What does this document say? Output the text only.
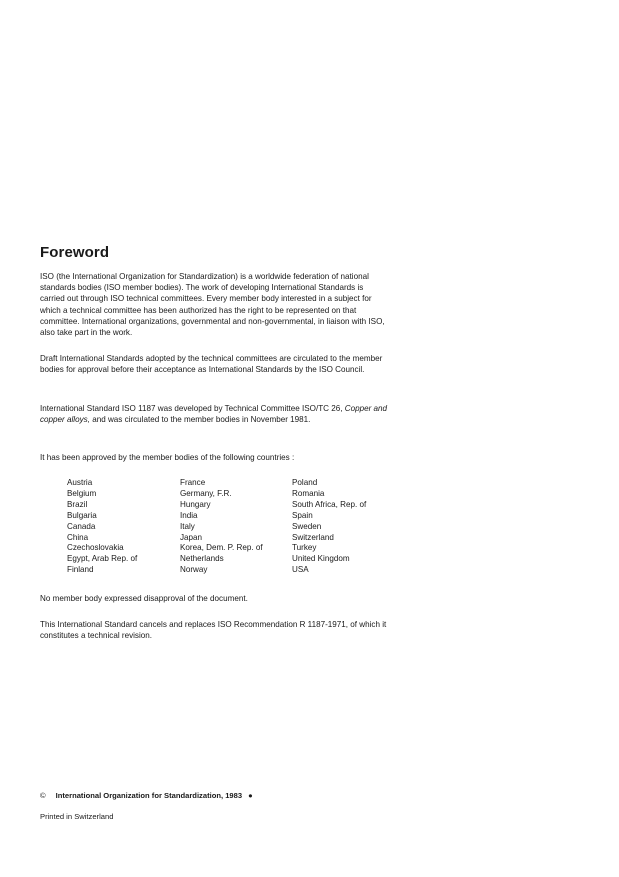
Foreword

ISO (the International Organization for Standardization) is a worldwide federation of national standards bodies (ISO member bodies). The work of developing International Standards is carried out through ISO technical committees. Every member body interested in a subject for which a technical committee has been authorized has the right to be represented on that committee. International organizations, governmental and non-governmental, in liaison with ISO, also take part in the work.

Draft International Standards adopted by the technical committees are circulated to the member bodies for approval before their acceptance as International Standards by the ISO Council.

International Standard ISO 1187 was developed by Technical Committee ISO/TC 26, Copper and copper alloys, and was circulated to the member bodies in November 1981.

It has been approved by the member bodies of the following countries :

Austria
Belgium
Brazil
Bulgaria
Canada
China
Czechoslovakia
Egypt, Arab Rep. of
Finland
France
Germany, F.R.
Hungary
India
Italy
Japan
Korea, Dem. P. Rep. of
Netherlands
Norway
Poland
Romania
South Africa, Rep. of
Spain
Sweden
Switzerland
Turkey
United Kingdom
USA

No member body expressed disapproval of the document.

This International Standard cancels and replaces ISO Recommendation R 1187-1971, of which it constitutes a technical revision.

© International Organization for Standardization, 1983 ●
Printed in Switzerland
